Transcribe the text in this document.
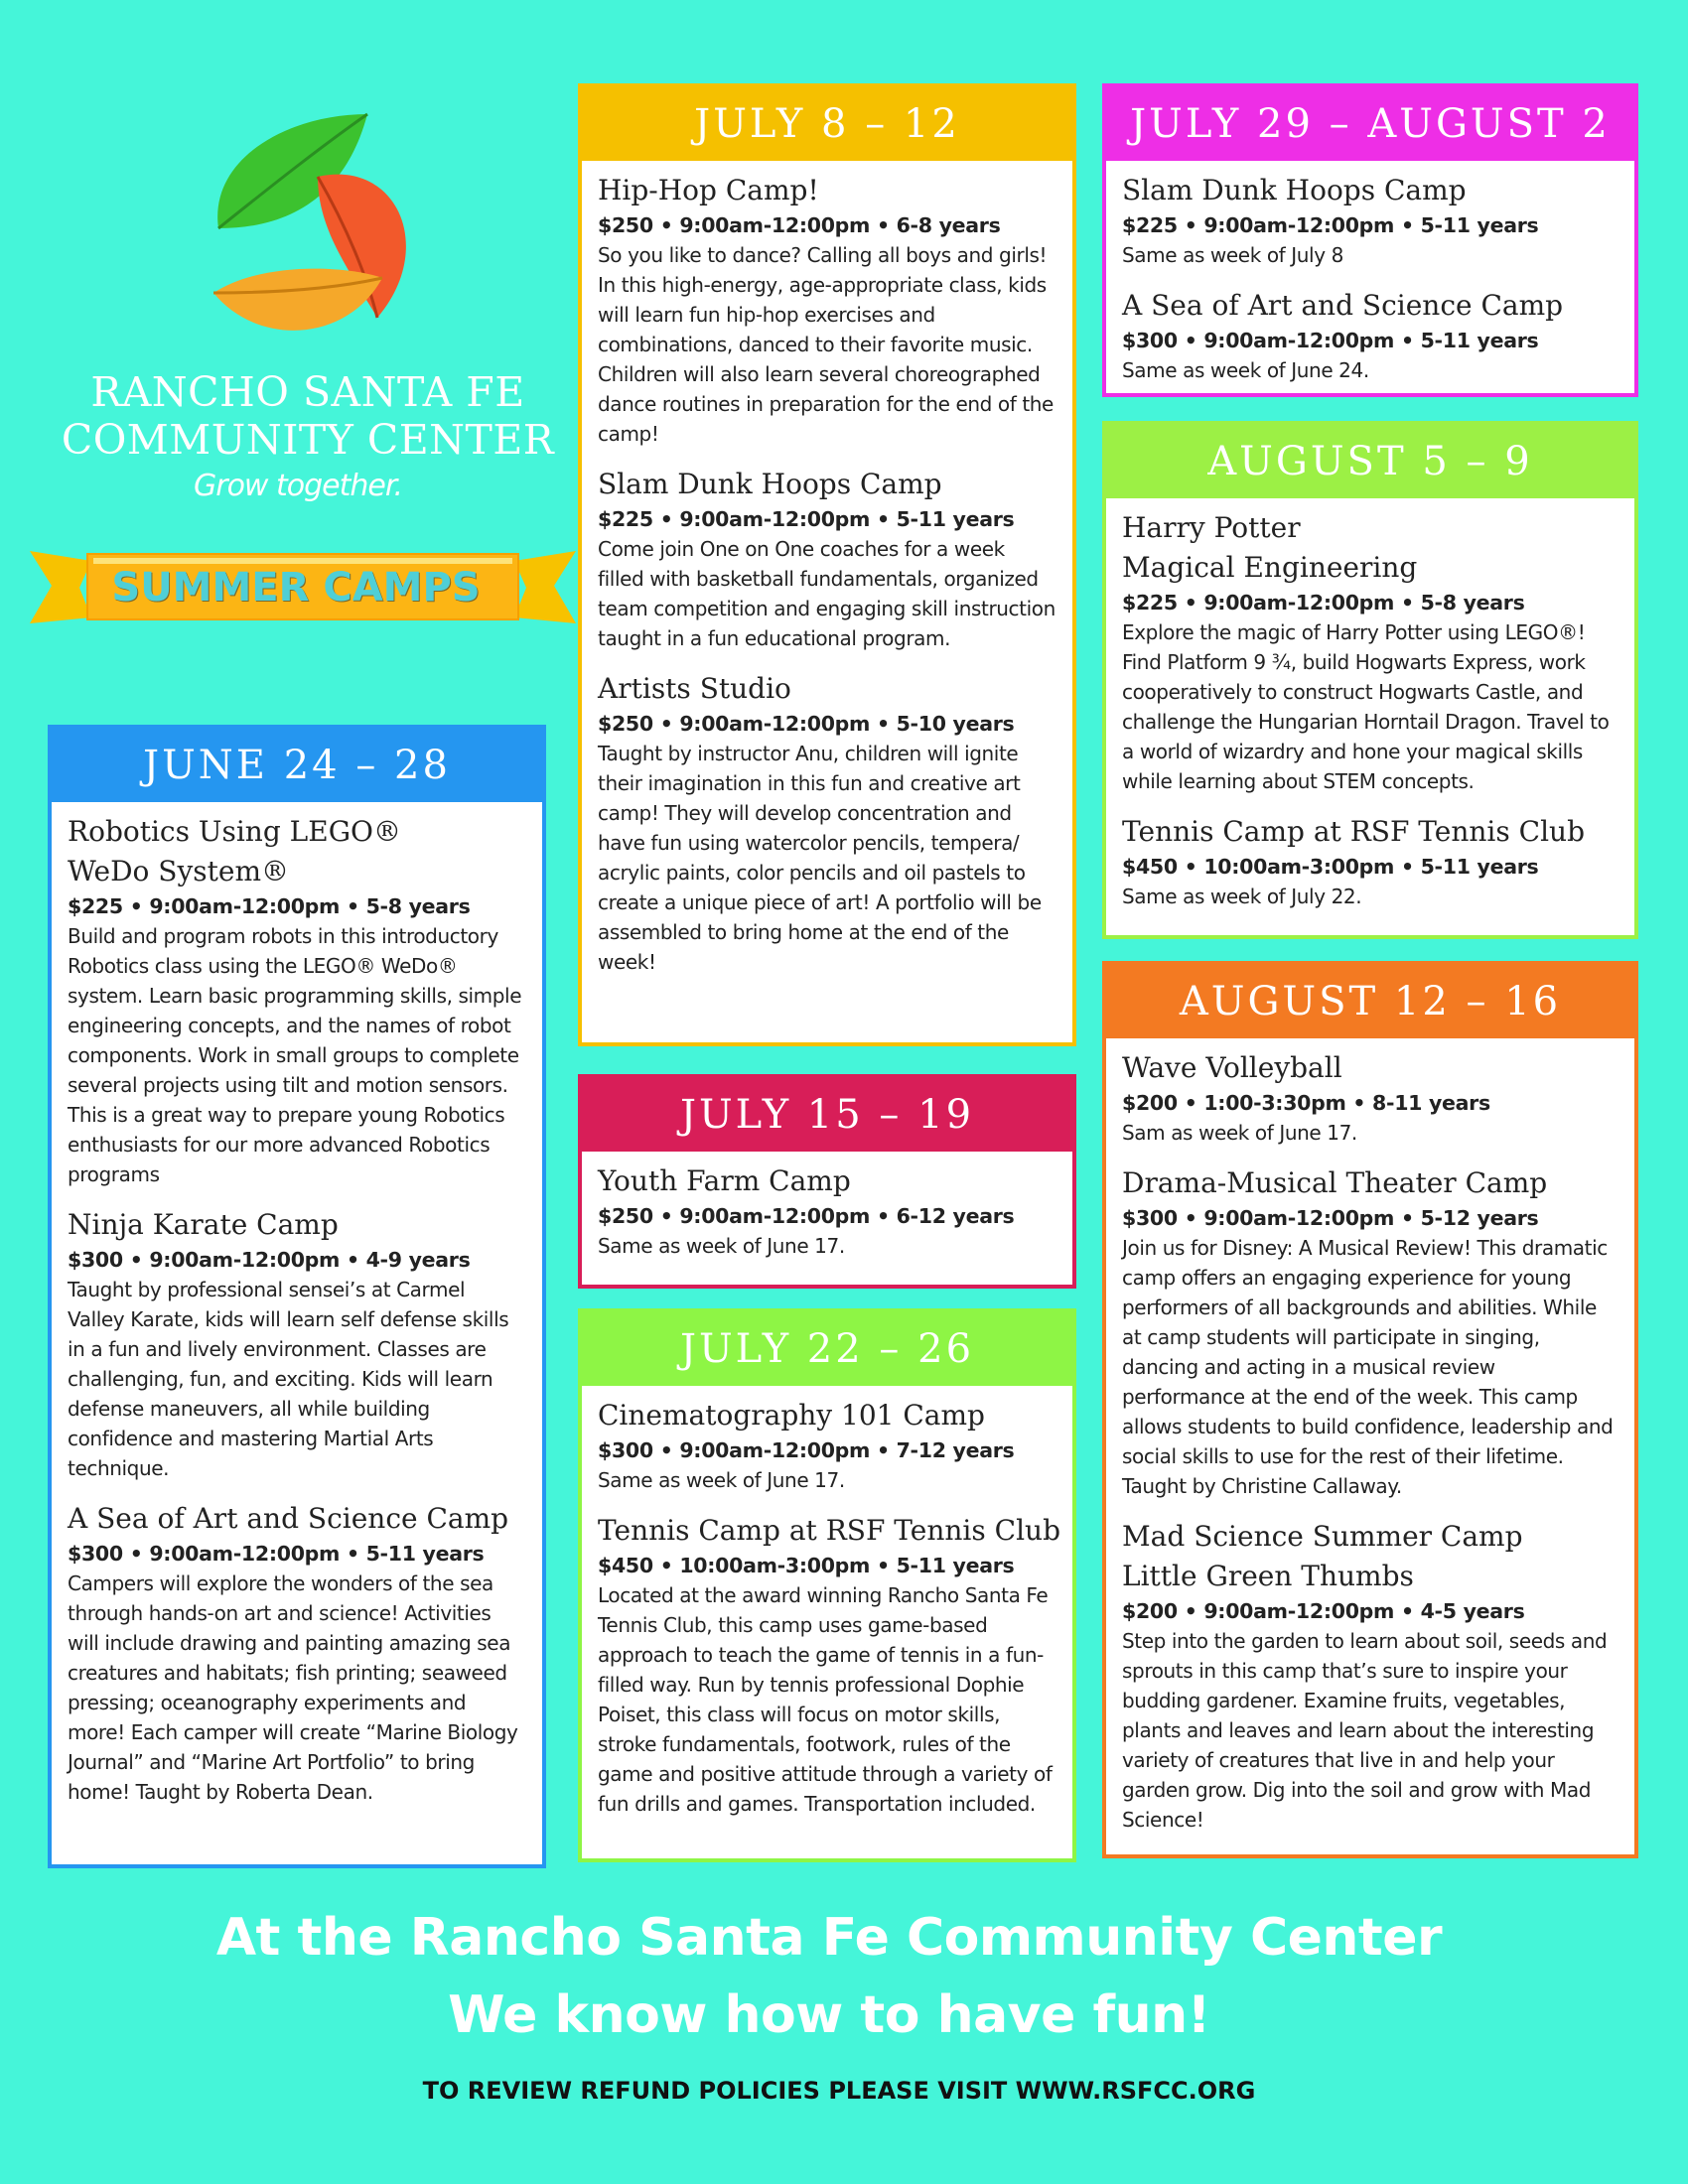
RANCHO SANTA FE
COMMUNITY CENTER
Grow together.
SUMMER CAMPS
JUNE 24 – 28
Robotics Using LEGO®
WeDo System®
$225 • 9:00am-12:00pm • 5-8 years
Build and program robots in this introductory Robotics class using the LEGO® WeDo® system. Learn basic programming skills, simple engineering concepts, and the names of robot components. Work in small groups to complete several projects using tilt and motion sensors. This is a great way to prepare young Robotics enthusiasts for our more advanced Robotics programs
Ninja Karate Camp
$300 • 9:00am-12:00pm • 4-9 years
Taught by professional sensei’s at Carmel Valley Karate, kids will learn self defense skills in a fun and lively environment. Classes are challenging, fun, and exciting. Kids will learn defense maneuvers, all while building confidence and mastering Martial Arts technique.
A Sea of Art and Science Camp
$300 • 9:00am-12:00pm • 5-11 years
Campers will explore the wonders of the sea through hands-on art and science! Activities will include drawing and painting amazing sea creatures and habitats; fish printing; seaweed pressing; oceanography experiments and more! Each camper will create “Marine Biology Journal” and “Marine Art Portfolio” to bring home! Taught by Roberta Dean.
JULY 8 – 12
Hip-Hop Camp!
$250 • 9:00am-12:00pm • 6-8 years
So you like to dance? Calling all boys and girls! In this high-energy, age-appropriate class, kids will learn fun hip-hop exercises and combinations, danced to their favorite music. Children will also learn several choreographed dance routines in preparation for the end of the camp!
Slam Dunk Hoops Camp
$225 • 9:00am-12:00pm • 5-11 years
Come join One on One coaches for a week filled with basketball fundamentals, organized team competition and engaging skill instruction taught in a fun educational program.
Artists Studio
$250 • 9:00am-12:00pm • 5-10 years
Taught by instructor Anu, children will ignite their imagination in this fun and creative art camp! They will develop concentration and have fun using watercolor pencils, tempera/ acrylic paints, color pencils and oil pastels to create a unique piece of art! A portfolio will be assembled to bring home at the end of the week!
JULY 15 – 19
Youth Farm Camp
$250 • 9:00am-12:00pm • 6-12 years
Same as week of June 17.
JULY 22 – 26
Cinematography 101 Camp
$300 • 9:00am-12:00pm • 7-12 years
Same as week of June 17.
Tennis Camp at RSF Tennis Club
$450 • 10:00am-3:00pm • 5-11 years
Located at the award winning Rancho Santa Fe Tennis Club, this camp uses game-based approach to teach the game of tennis in a fun-filled way. Run by tennis professional Dophie Poiset, this class will focus on motor skills, stroke fundamentals, footwork, rules of the game and positive attitude through a variety of fun drills and games. Transportation included.
JULY 29 – AUGUST 2
Slam Dunk Hoops Camp
$225 • 9:00am-12:00pm • 5-11 years
Same as week of July 8
A Sea of Art and Science Camp
$300 • 9:00am-12:00pm • 5-11 years
Same as week of June 24.
AUGUST 5 – 9
Harry Potter
Magical Engineering
$225 • 9:00am-12:00pm • 5-8 years
Explore the magic of Harry Potter using LEGO®! Find Platform 9 ¾, build Hogwarts Express, work cooperatively to construct Hogwarts Castle, and challenge the Hungarian Horntail Dragon. Travel to a world of wizardry and hone your magical skills while learning about STEM concepts.
Tennis Camp at RSF Tennis Club
$450 • 10:00am-3:00pm • 5-11 years
Same as week of July 22.
AUGUST 12 – 16
Wave Volleyball
$200 • 1:00-3:30pm • 8-11 years
Sam as week of June 17.
Drama-Musical Theater Camp
$300 • 9:00am-12:00pm • 5-12 years
Join us for Disney: A Musical Review! This dramatic camp offers an engaging experience for young performers of all backgrounds and abilities. While at camp students will participate in singing, dancing and acting in a musical review performance at the end of the week. This camp allows students to build confidence, leadership and social skills to use for the rest of their lifetime. Taught by Christine Callaway.
Mad Science Summer Camp
Little Green Thumbs
$200 • 9:00am-12:00pm • 4-5 years
Step into the garden to learn about soil, seeds and sprouts in this camp that’s sure to inspire your budding gardener. Examine fruits, vegetables, plants and leaves and learn about the interesting variety of creatures that live in and help your garden grow. Dig into the soil and grow with Mad Science!
At the Rancho Santa Fe Community Center
We know how to have fun!
TO REVIEW REFUND POLICIES PLEASE VISIT WWW.RSFCC.ORG
